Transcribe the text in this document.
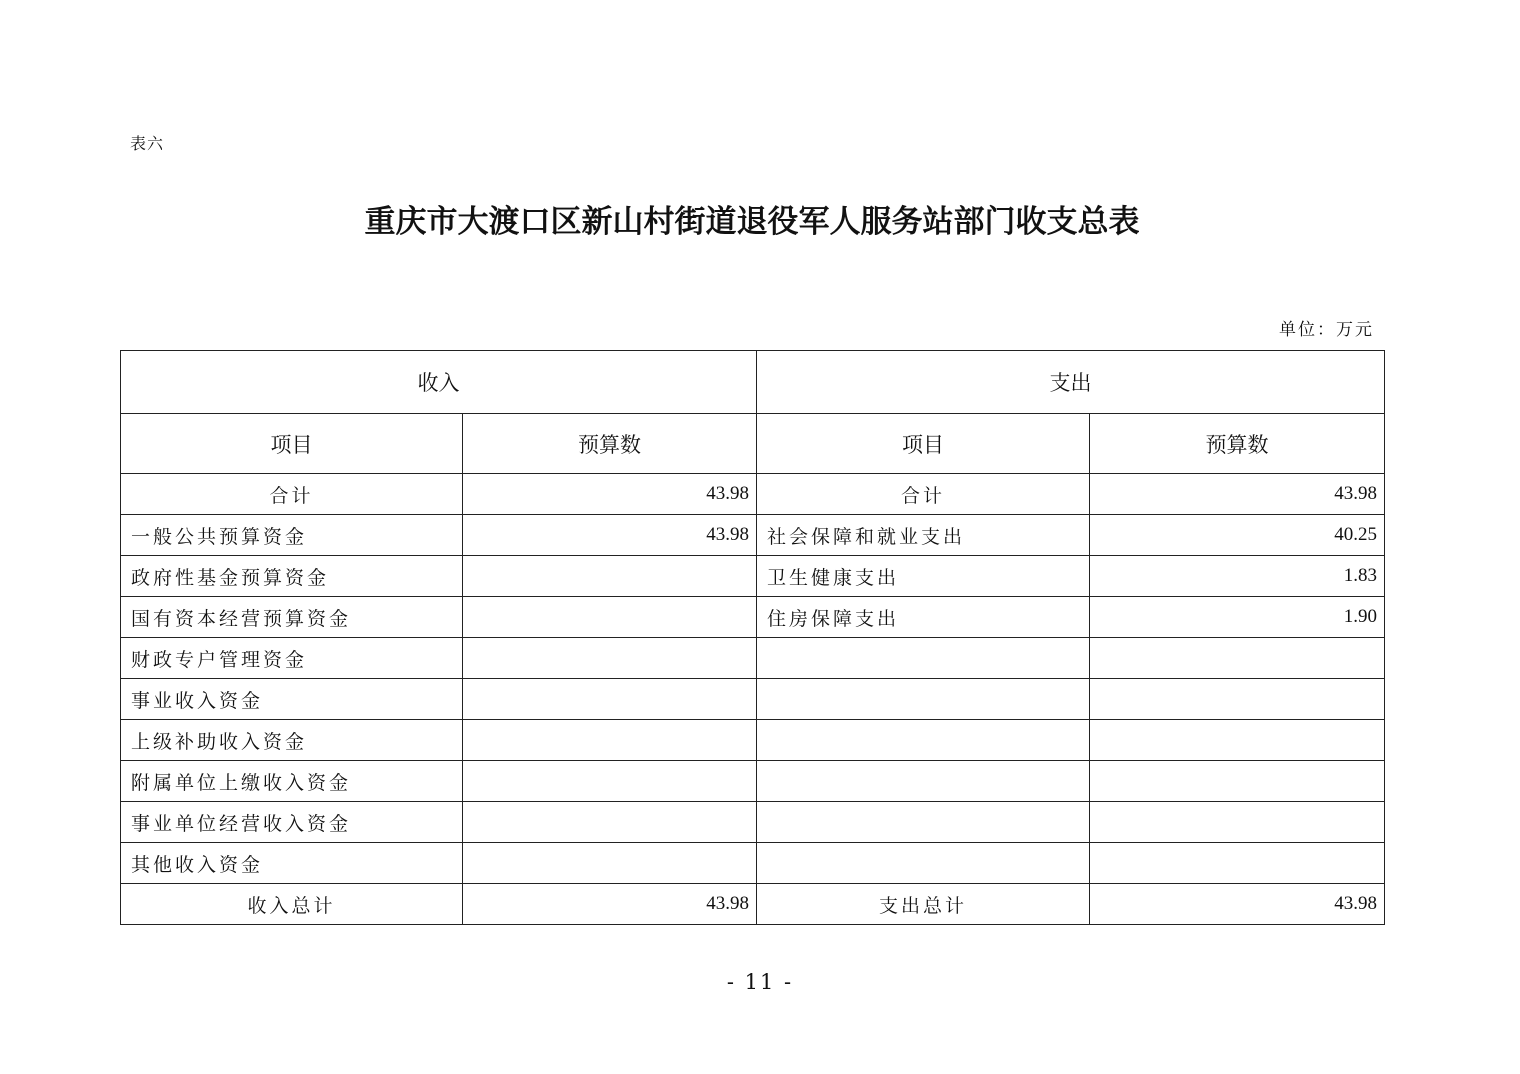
表六
重庆市大渡口区新山村街道退役军人服务站部门收支总表
单位：万元
收入		支出	
项目	预算数	项目	预算数
合计	43.98	合计	43.98
一般公共预算资金	43.98	社会保障和就业支出	40.25
政府性基金预算资金		卫生健康支出	1.83
国有资本经营预算资金		住房保障支出	1.90
财政专户管理资金			
事业收入资金			
上级补助收入资金			
附属单位上缴收入资金			
事业单位经营收入资金			
其他收入资金			
收入总计	43.98	支出总计	43.98
- 11 -
